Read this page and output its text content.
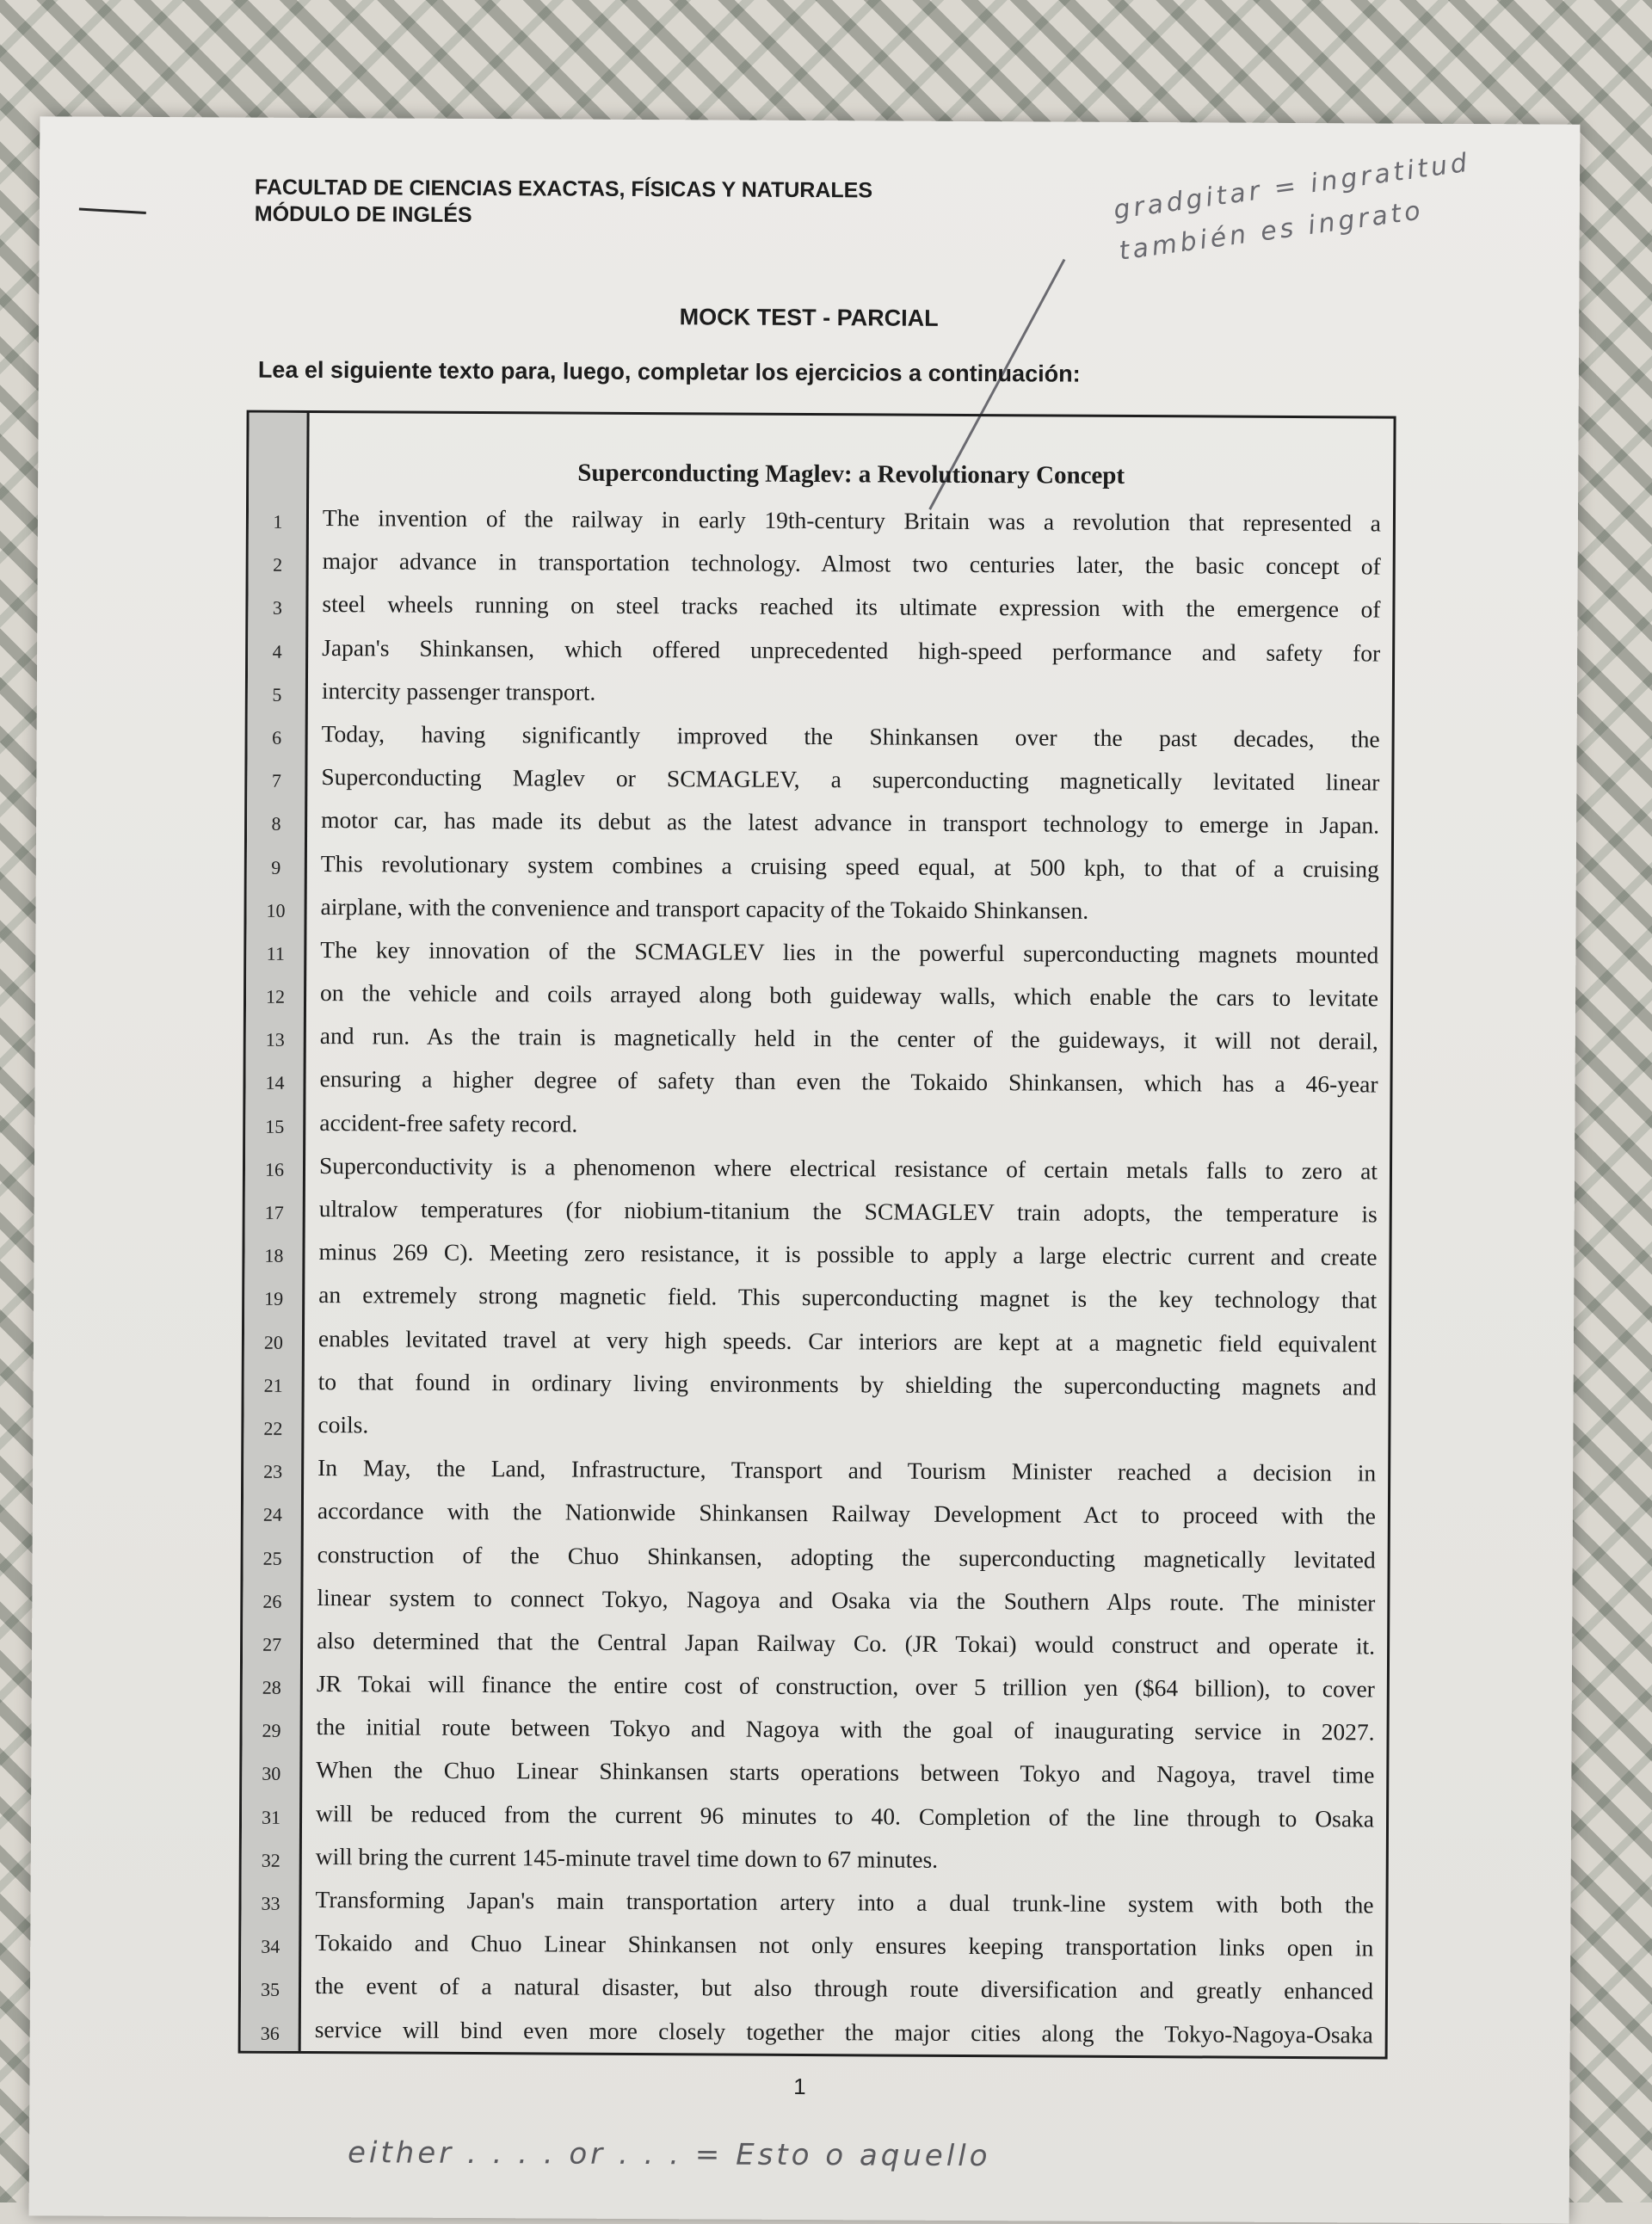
FACULTAD DE CIENCIAS EXACTAS, FÍSICAS Y NATURALES
MÓDULO DE INGLÉS	gradgitar = ingratitud también es ingrato
MOCK TEST - PARCIAL
Lea el siguiente texto para, luego, completar los ejercicios a continuación:
Superconducting Maglev: a Revolutionary Concept
1	The invention of the railway in early 19th-century Britain was a revolution that represented a
2	major advance in transportation technology. Almost two centuries later, the basic concept of
3	steel wheels running on steel tracks reached its ultimate expression with the emergence of
4	Japan's Shinkansen, which offered unprecedented high-speed performance and safety for
5	intercity passenger transport.
6	Today, having significantly improved the Shinkansen over the past decades, the
7	Superconducting Maglev or SCMAGLEV, a superconducting magnetically levitated linear
8	motor car, has made its debut as the latest advance in transport technology to emerge in Japan.
9	This revolutionary system combines a cruising speed equal, at 500 kph, to that of a cruising
10	airplane, with the convenience and transport capacity of the Tokaido Shinkansen.
11	The key innovation of the SCMAGLEV lies in the powerful superconducting magnets mounted
12	on the vehicle and coils arrayed along both guideway walls, which enable the cars to levitate
13	and run. As the train is magnetically held in the center of the guideways, it will not derail,
14	ensuring a higher degree of safety than even the Tokaido Shinkansen, which has a 46-year
15	accident-free safety record.
16	Superconductivity is a phenomenon where electrical resistance of certain metals falls to zero at
17	ultralow temperatures (for niobium-titanium the SCMAGLEV train adopts, the temperature is
18	minus 269 C). Meeting zero resistance, it is possible to apply a large electric current and create
19	an extremely strong magnetic field. This superconducting magnet is the key technology that
20	enables levitated travel at very high speeds. Car interiors are kept at a magnetic field equivalent
21	to that found in ordinary living environments by shielding the superconducting magnets and
22	coils.
23	In May, the Land, Infrastructure, Transport and Tourism Minister reached a decision in
24	accordance with the Nationwide Shinkansen Railway Development Act to proceed with the
25	construction of the Chuo Shinkansen, adopting the superconducting magnetically levitated
26	linear system to connect Tokyo, Nagoya and Osaka via the Southern Alps route. The minister
27	also determined that the Central Japan Railway Co. (JR Tokai) would construct and operate it.
28	JR Tokai will finance the entire cost of construction, over 5 trillion yen ($64 billion), to cover
29	the initial route between Tokyo and Nagoya with the goal of inaugurating service in 2027.
30	When the Chuo Linear Shinkansen starts operations between Tokyo and Nagoya, travel time
31	will be reduced from the current 96 minutes to 40. Completion of the line through to Osaka
32	will bring the current 145-minute travel time down to 67 minutes.
33	Transforming Japan's main transportation artery into a dual trunk-line system with both the
34	Tokaido and Chuo Linear Shinkansen not only ensures keeping transportation links open in
35	the event of a natural disaster, but also through route diversification and greatly enhanced
36	service will bind even more closely together the major cities along the Tokyo-Nagoya-Osaka
1
either . . . . or . . . = Esto o aquello
